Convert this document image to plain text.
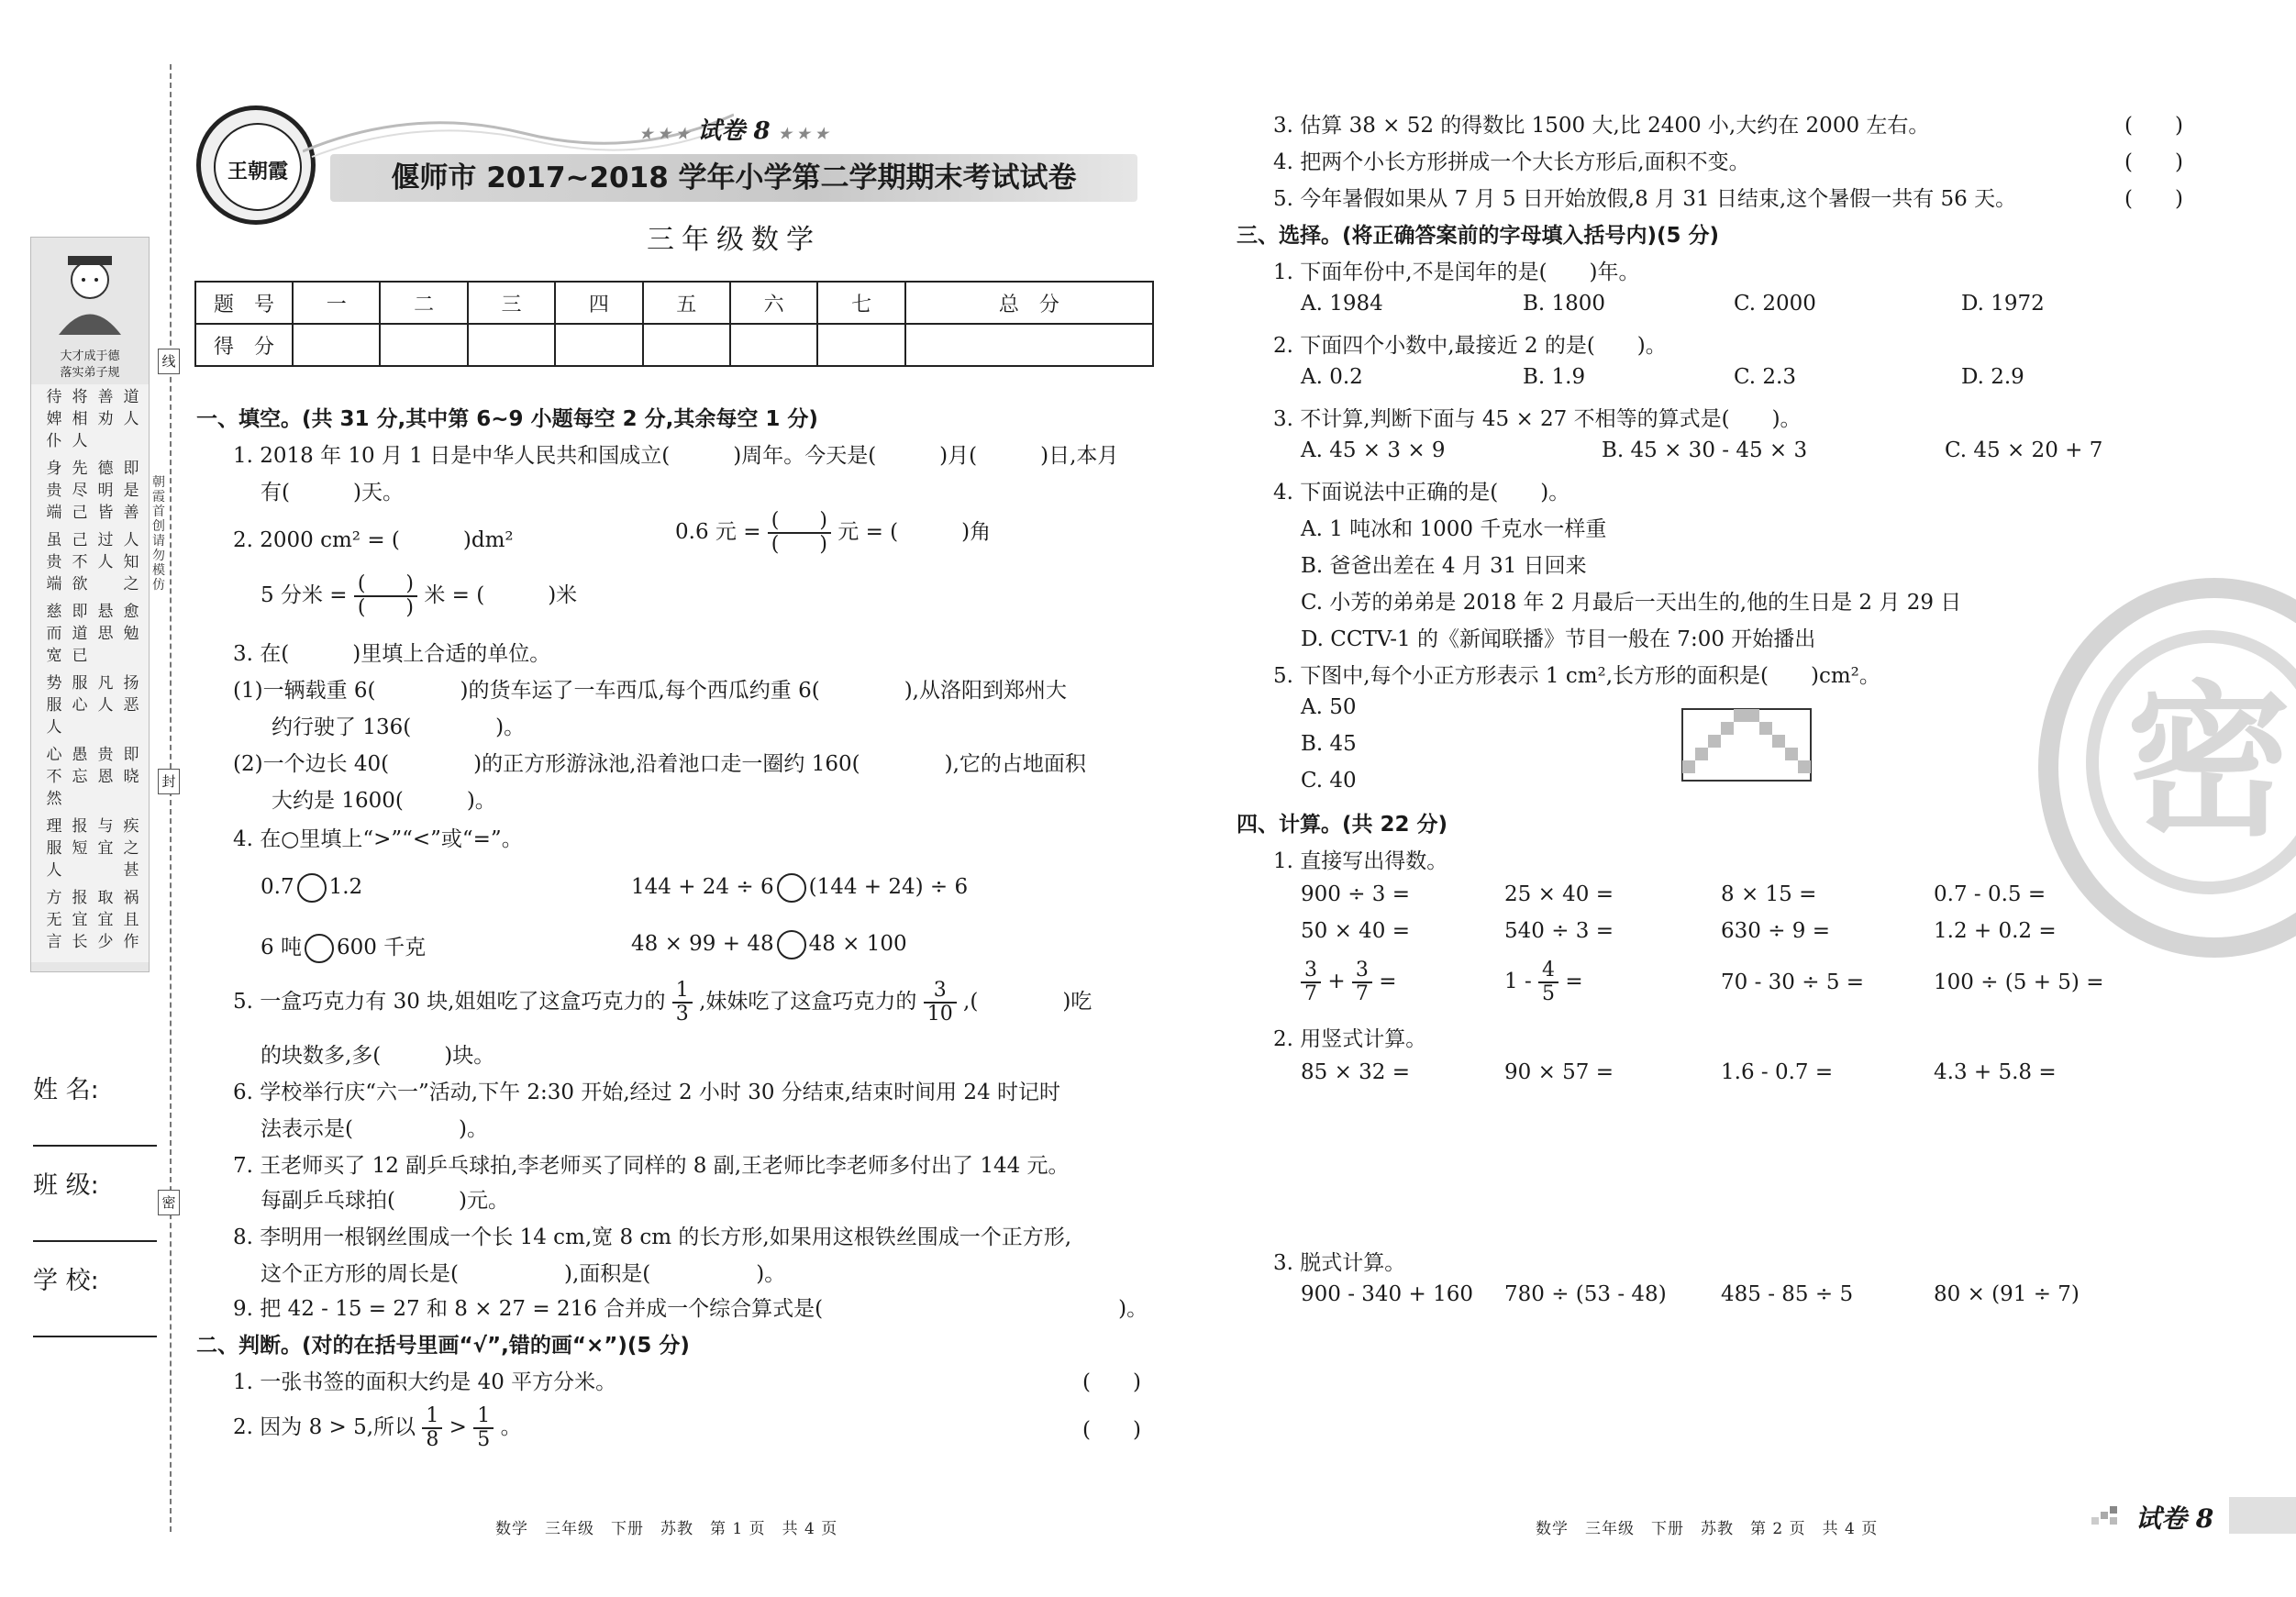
线
封
密
大才成于德
落实弟子规
待婢仆
将相人
善劝
道人
身贵端
先尽己
德明皆
即是善
虽贵端
己不欲
过人
人知之
慈而宽
即道已
悬思
愈勉
势服人
服心
凡人
扬恶
心不然
愚忘
贵恩
即晓
理服人
报短
与宜
疾之甚
方无言
报宜长
取宜少
祸且作
朝霞首创 请勿模仿
姓 名:
班 级:
学 校:
王朝霞
★ ★ ★ 试卷 8 ★ ★ ★
偃师市 2017~2018 学年小学第二学期期末考试试卷
三年级数学
题　号	一	二	三	四	五	六	七	总　分
得　分								
一、填空。(共 31 分,其中第 6~9 小题每空 2 分,其余每空 1 分)
1. 2018 年 10 月 1 日是中华人民共和国成立(　　　)周年。今天是(　　　)月(　　　)日,本月
有(　　　)天。
2. 2000 cm² = (　　　)dm²	0.6 元 = $\frac{( )}{( )}$ 元 = (　　　)角
5 分米 = $\frac{( )}{( )}$ 米 = (　　　)米
3. 在(　　　)里填上合适的单位。
(1)一辆载重 6(　　　　)的货车运了一车西瓜,每个西瓜约重 6(　　　　),从洛阳到郑州大
约行驶了 136(　　　　)。
(2)一个边长 40(　　　　)的正方形游泳池,沿着池口走一圈约 160(　　　　),它的占地面积
大约是 1600(　　　)。
4. 在○里填上“>”“<”或“=”。
0.7 1.2	144 + 24 ÷ 6 (144 + 24) ÷ 6
6 吨 600 千克	48 × 99 + 48 48 × 100
5. 一盒巧克力有 30 块,姐姐吃了这盒巧克力的 $\frac{1}{3}$ ,妹妹吃了这盒巧克力的 $\frac{3}{10}$ ,(　　　　)吃
的块数多,多(　　　)块。
6. 学校举行庆“六一”活动,下午 2:30 开始,经过 2 小时 30 分结束,结束时间用 24 时记时
法表示是(　　　　　)。
7. 王老师买了 12 副乒乓球拍,李老师买了同样的 8 副,王老师比李老师多付出了 144 元。
每副乒乓球拍(　　　)元。
8. 李明用一根钢丝围成一个长 14 cm,宽 8 cm 的长方形,如果用这根铁丝围成一个正方形,
这个正方形的周长是(　　　　　),面积是(　　　　　)。
9. 把 42 - 15 = 27 和 8 × 27 = 216 合并成一个综合算式是(　　　　　　　　　　　　　　)。
二、判断。(对的在括号里画“√”,错的画“×”)(5 分)
1. 一张书签的面积大约是 40 平方分米。	(　　)
2. 因为 8 > 5,所以 $\frac{1}{8} > \frac{1}{5}$ 。	(　　)
数学　三年级　下册　苏教　第 1 页　共 4 页
3. 估算 38 × 52 的得数比 1500 大,比 2400 小,大约在 2000 左右。	(　　)
4. 把两个小长方形拼成一个大长方形后,面积不变。	(　　)
5. 今年暑假如果从 7 月 5 日开始放假,8 月 31 日结束,这个暑假一共有 56 天。	(　　)
三、选择。(将正确答案前的字母填入括号内)(5 分)
1. 下面年份中,不是闰年的是(　　)年。
A. 1984	B. 1800	C. 2000	D. 1972
2. 下面四个小数中,最接近 2 的是(　　)。
A. 0.2	B. 1.9	C. 2.3	D. 2.9
3. 不计算,判断下面与 45 × 27 不相等的算式是(　　)。
A. 45 × 3 × 9	B. 45 × 30 - 45 × 3	C. 45 × 20 + 7
4. 下面说法中正确的是(　　)。
A. 1 吨冰和 1000 千克水一样重
B. 爸爸出差在 4 月 31 日回来
C. 小芳的弟弟是 2018 年 2 月最后一天出生的,他的生日是 2 月 29 日
D. CCTV-1 的《新闻联播》节目一般在 7:00 开始播出
5. 下图中,每个小正方形表示 1 cm²,长方形的面积是(　　)cm²。
A. 50
B. 45
C. 40	密
四、计算。(共 22 分)
1. 直接写出得数。
900 ÷ 3 =	25 × 40 =	8 × 15 =	0.7 - 0.5 =
50 × 40 =	540 ÷ 3 =	630 ÷ 9 =	1.2 + 0.2 =
$\frac{3}{7} + \frac{3}{7}$ =	$1 - \frac{4}{5}$ =	70 - 30 ÷ 5 =	100 ÷ (5 + 5) =
2. 用竖式计算。
85 × 32 =	90 × 57 =	1.6 - 0.7 =	4.3 + 5.8 =
3. 脱式计算。
900 - 340 + 160 780 ÷ (53 - 48)	485 - 85 ÷ 5	80 × (91 ÷ 7)
数学　三年级　下册　苏教　第 2 页　共 4 页	试卷 8
